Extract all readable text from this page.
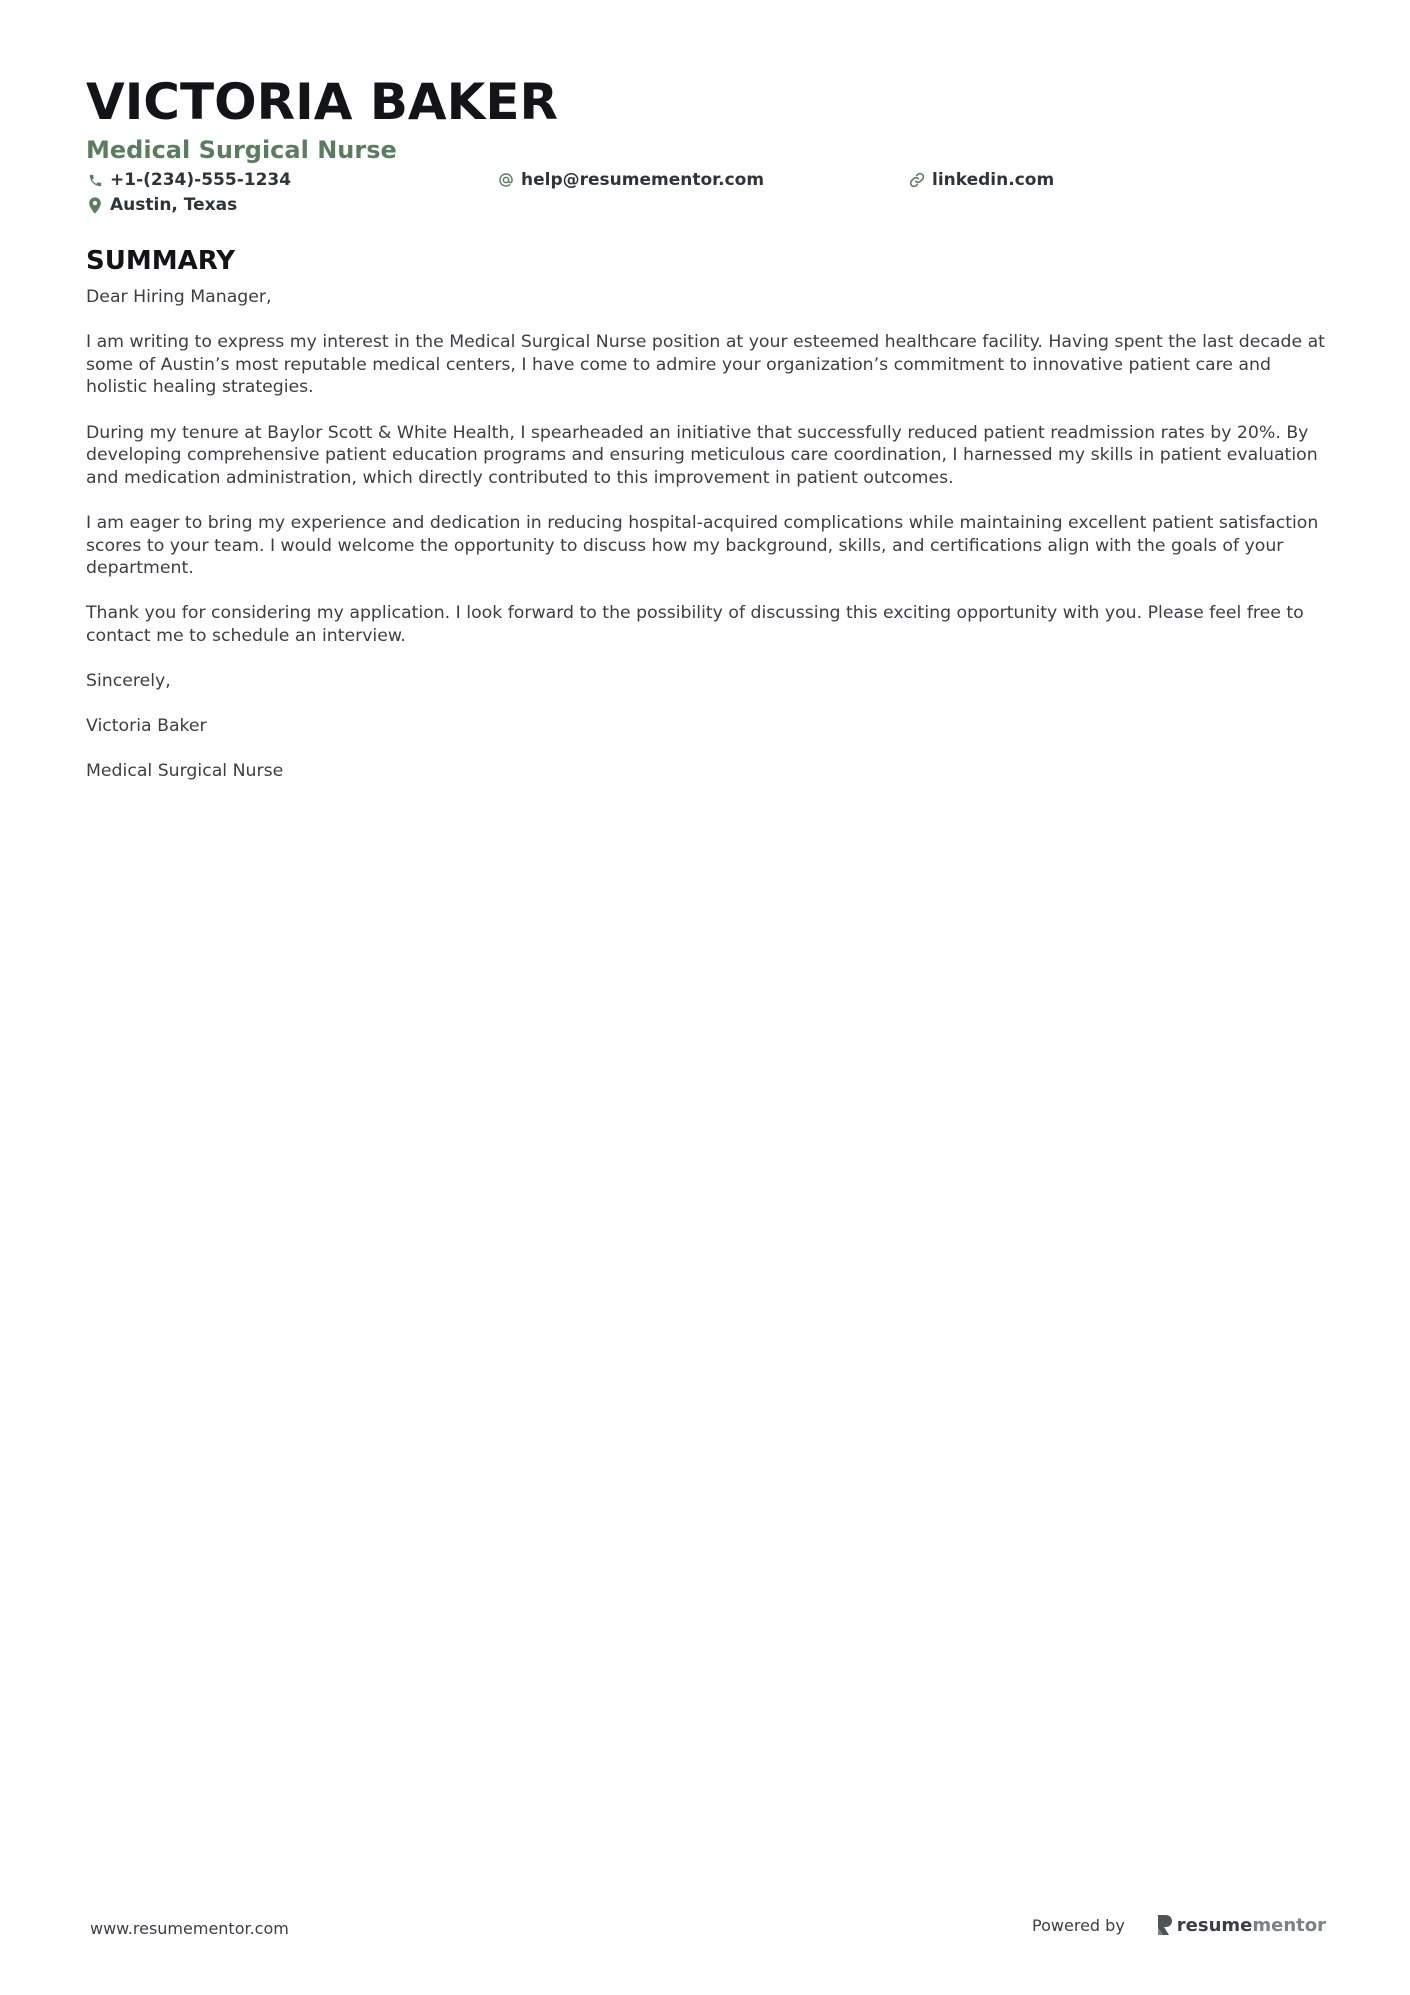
VICTORIA BAKER
Medical Surgical Nurse
+1-(234)-555-1234	help@resumementor.com	linkedin.com
Austin, Texas
SUMMARY

Dear Hiring Manager,

I am writing to express my interest in the Medical Surgical Nurse position at your esteemed healthcare facility. Having spent the last decade at some of Austin’s most reputable medical centers, I have come to admire your organization’s commitment to innovative patient care and holistic healing strategies.

During my tenure at Baylor Scott & White Health, I spearheaded an initiative that successfully reduced patient readmission rates by 20%. By developing comprehensive patient education programs and ensuring meticulous care coordination, I harnessed my skills in patient evaluation and medication administration, which directly contributed to this improvement in patient outcomes.

I am eager to bring my experience and dedication in reducing hospital-acquired complications while maintaining excellent patient satisfaction scores to your team. I would welcome the opportunity to discuss how my background, skills, and certifications align with the goals of your department.

Thank you for considering my application. I look forward to the possibility of discussing this exciting opportunity with you. Please feel free to contact me to schedule an interview.

Sincerely,

Victoria Baker

Medical Surgical Nurse

www.resumementor.com	Powered by	resume mentor
